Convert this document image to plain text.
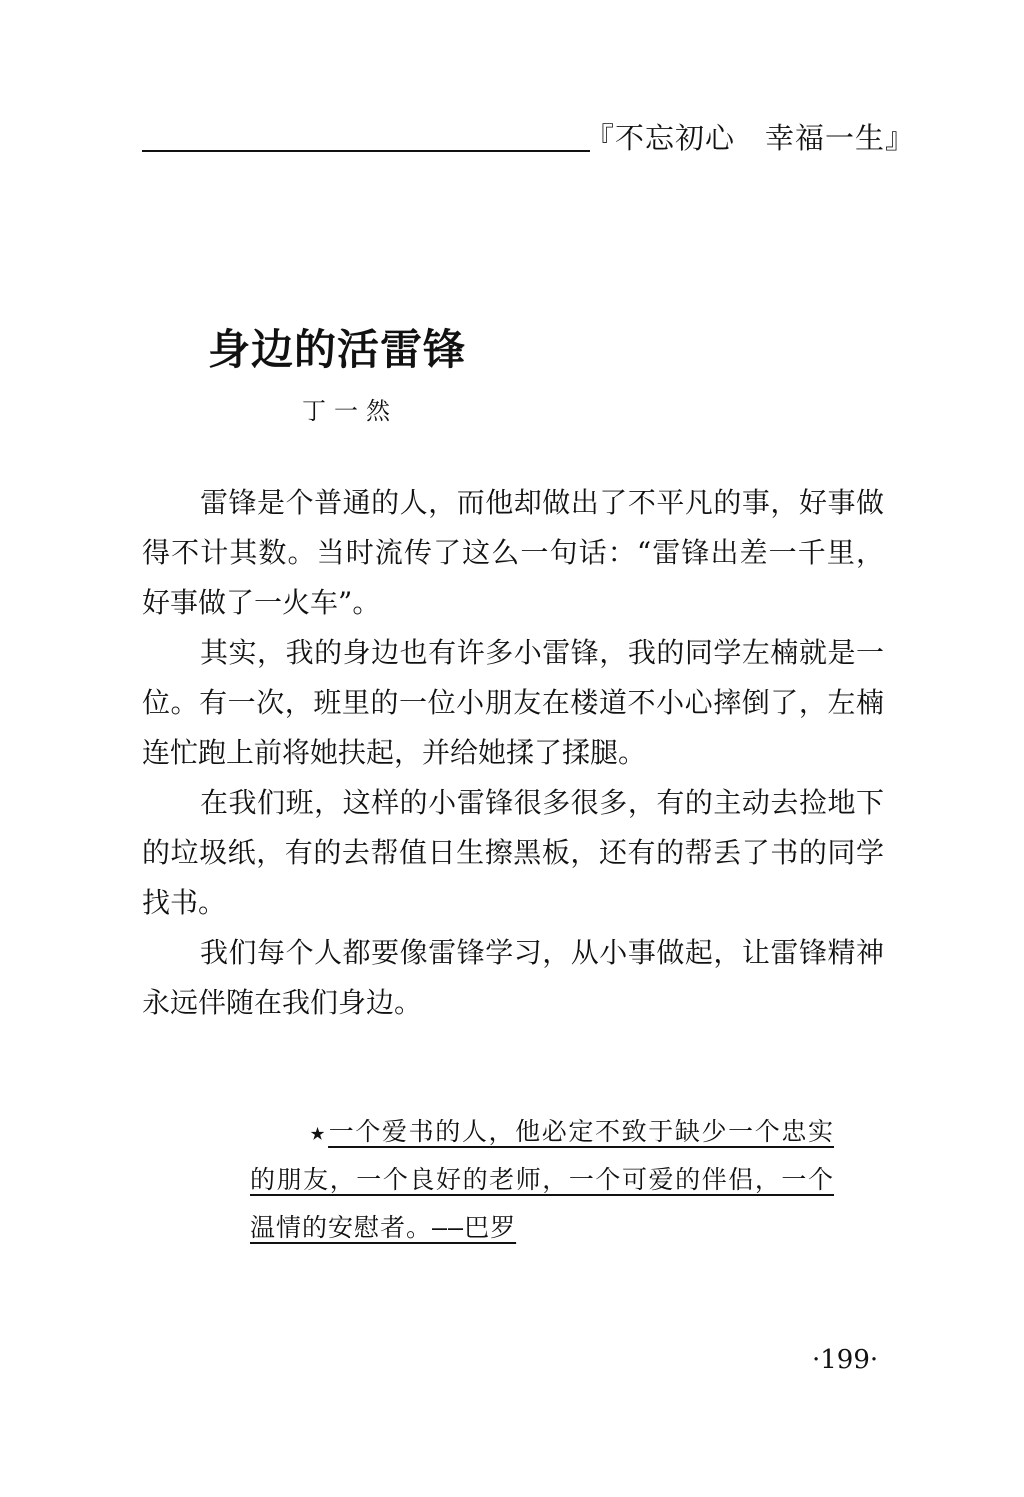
『不忘初心 幸福一生』
身边的活雷锋
丁一然

雷锋是个普通的人，而他却做出了不平凡的事，好事做得不计其数。当时流传了这么一句话：“雷锋出差一千里，好事做了一火车”。

其实，我的身边也有许多小雷锋，我的同学左楠就是一位。有一次，班里的一位小朋友在楼道不小心摔倒了，左楠连忙跑上前将她扶起，并给她揉了揉腿。

在我们班，这样的小雷锋很多很多，有的主动去捡地下的垃圾纸，有的去帮值日生擦黑板，还有的帮丢了书的同学找书。

我们每个人都要像雷锋学习，从小事做起，让雷锋精神永远伴随在我们身边。

★一个爱书的人，他必定不致于缺少一个忠实的朋友，一个良好的老师，一个可爱的伴侣，一个温情的安慰者。——巴罗
·199·
